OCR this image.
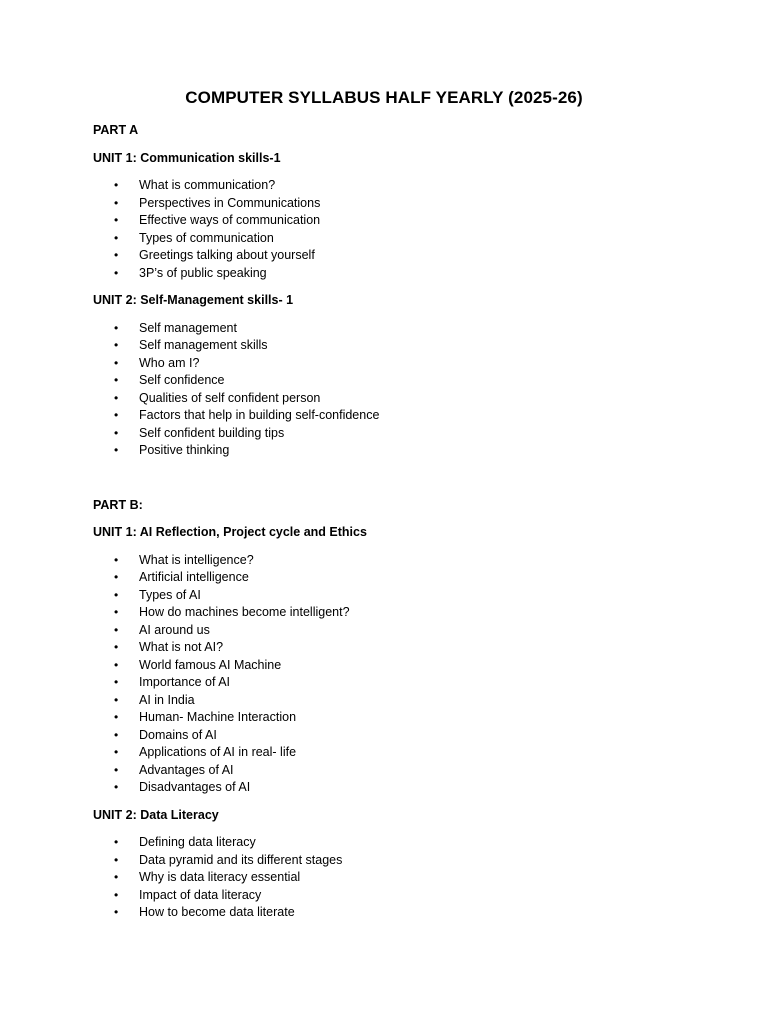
COMPUTER SYLLABUS HALF YEARLY (2025-26)

PART A

UNIT 1: Communication skills-1

• What is communication?
• Perspectives in Communications
• Effective ways of communication
• Types of communication
• Greetings talking about yourself
• 3P’s of public speaking

UNIT 2: Self-Management skills- 1

• Self management
• Self management skills
• Who am I?
• Self confidence
• Qualities of self confident person
• Factors that help in building self-confidence
• Self confident building tips
• Positive thinking

PART B:

UNIT 1: AI Reflection, Project cycle and Ethics

• What is intelligence?
• Artificial intelligence
• Types of AI
• How do machines become intelligent?
• AI around us
• What is not AI?
• World famous AI Machine
• Importance of AI
• AI in India
• Human- Machine Interaction
• Domains of AI
• Applications of AI in real- life
• Advantages of AI
• Disadvantages of AI

UNIT 2: Data Literacy

• Defining data literacy
• Data pyramid and its different stages
• Why is data literacy essential
• Impact of data literacy
• How to become data literate
